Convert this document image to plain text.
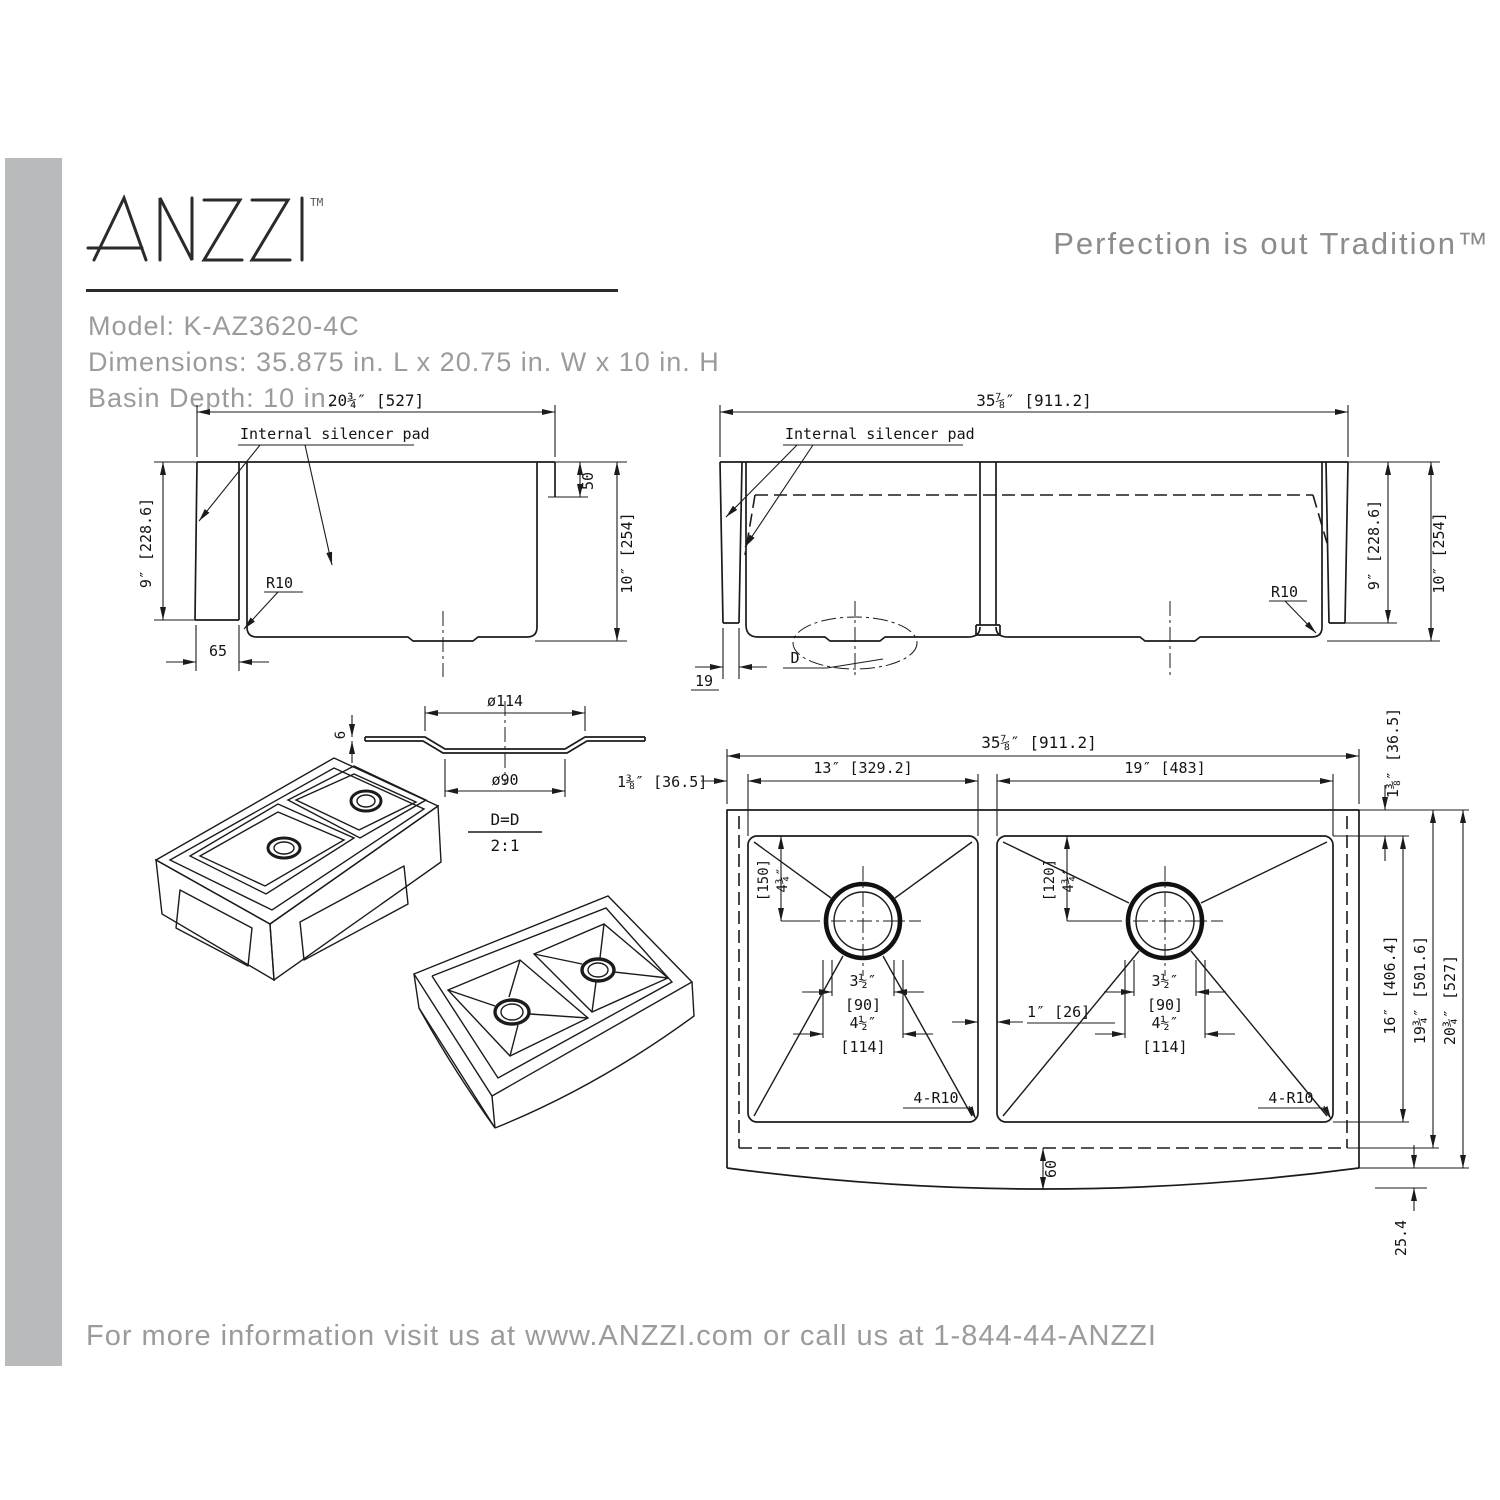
TM
Model: K-AZ3620-4C
Dimensions: 35.875 in. L x 20.75 in. W x 10 in. H
Basin Depth: 10 in.
Perfection is out Tradition™
20¾″ [527]
Internal silencer pad
9″ [228.6]	10″ [254]
50
R10
65
35⅞″ [911.2]
Internal silencer pad
D
19
9″ [228.6]	10″ [254]
R10
ø114
ø90
6
D=D
2:1
35⅞″ [911.2]
1⅜″ [36.5]
13″ [329.2]	19″ [483]
[150] 4¾″	[120] 4¾″
3½″
[90]
4½″
[114]
3½″
[90]
4½″
[114]
1″ [26]
4-R10	4-R10
60
1⅜″ [36.5]
16″ [406.4] 19¾″ [501.6] 20¾″ [527]
25.4
For more information visit us at www.ANZZI.com or call us at 1-844-44-ANZZI
